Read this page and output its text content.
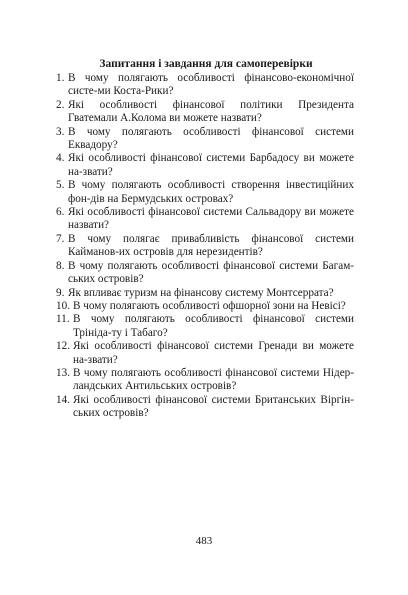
Запитання і завдання для самоперевірки
1. В чому полягають особливості фінансово-економічної систе-ми Коста-Рики?
2. Які особливості фінансової політики Президента Гватемали А.Колома ви можете назвати?
3. В чому полягають особливості фінансової системи Еквадору?
4. Які особливості фінансової системи Барбадосу ви можете на-звати?
5. В чому полягають особливості створення інвестиційних фон-дів на Бермудських островах?
6. Які особливості фінансової системи Сальвадору ви можете назвати?
7. В чому полягає привабливість фінансової системи Кайманов-их островів для нерезидентів?
8. В чому полягають особливості фінансової системи Багам-ських островів?
9. Як впливає туризм на фінансову систему Монтсеррата?
10. В чому полягають особливості офшорної зони на Невісі?
11. В чому полягають особливості фінансової системи Трініда-ту і Табаго?
12. Які особливості фінансової системи Гренади ви можете на-звати?
13. В чому полягають особливості фінансової системи Нідер-ландських Антильських островів?
14. Які особливості фінансової системи Британських Віргін-ських островів?
483
